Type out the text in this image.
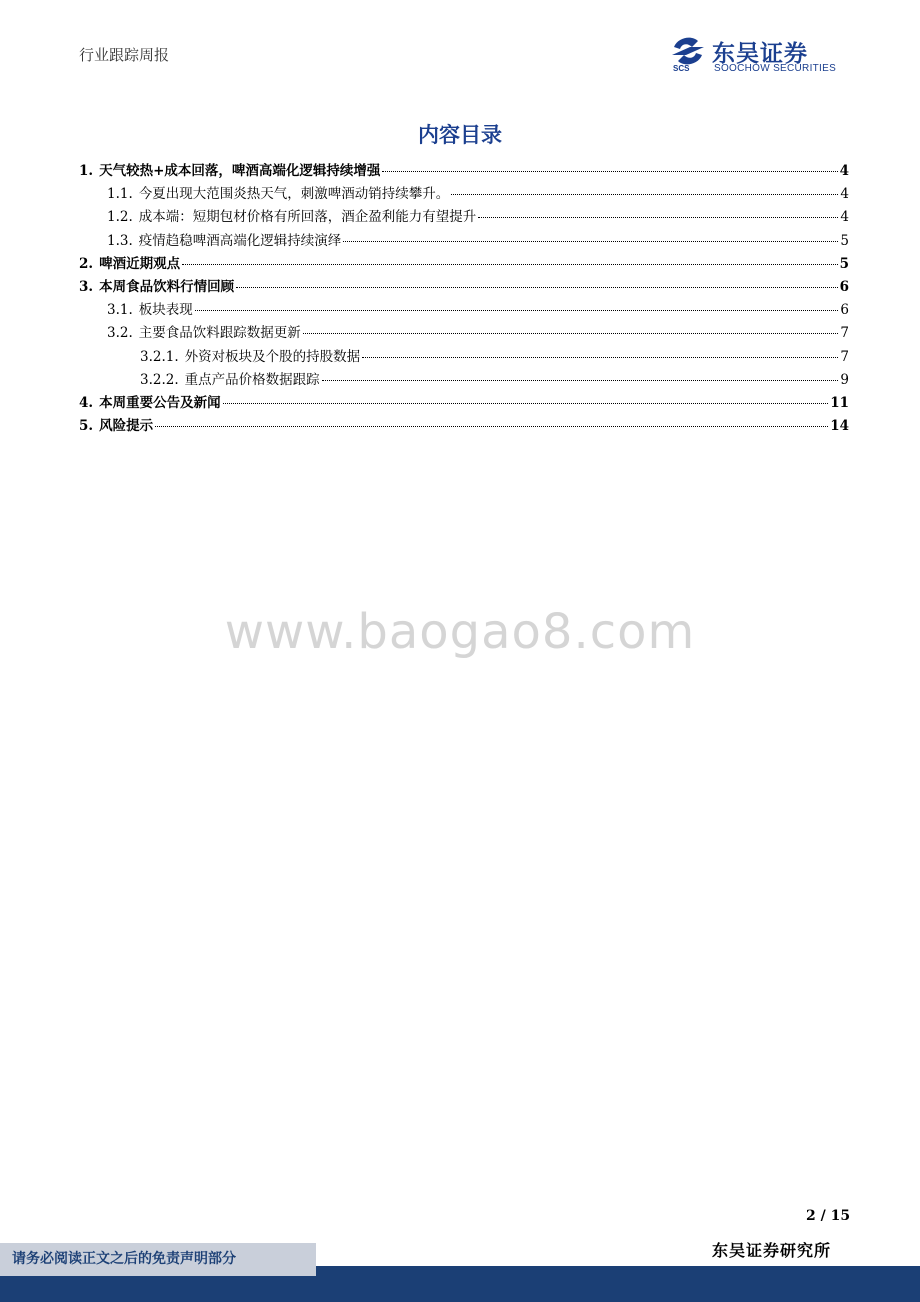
行业跟踪周报
SCS
东吴证券
SOOCHOW SECURITIES
内容目录
1. 天气较热+成本回落，啤酒高端化逻辑持续增强	4
1.1. 今夏出现大范围炎热天气，刺激啤酒动销持续攀升。	4
1.2. 成本端：短期包材价格有所回落，酒企盈利能力有望提升	4
1.3. 疫情趋稳啤酒高端化逻辑持续演绎	5
2. 啤酒近期观点	5
3. 本周食品饮料行情回顾	6
3.1. 板块表现	6
3.2. 主要食品饮料跟踪数据更新	7
3.2.1. 外资对板块及个股的持股数据	7
3.2.2. 重点产品价格数据跟踪	9
4. 本周重要公告及新闻	11
5. 风险提示	14
www.baogao8.com
2 / 15
请务必阅读正文之后的免责声明部分	东吴证券研究所
